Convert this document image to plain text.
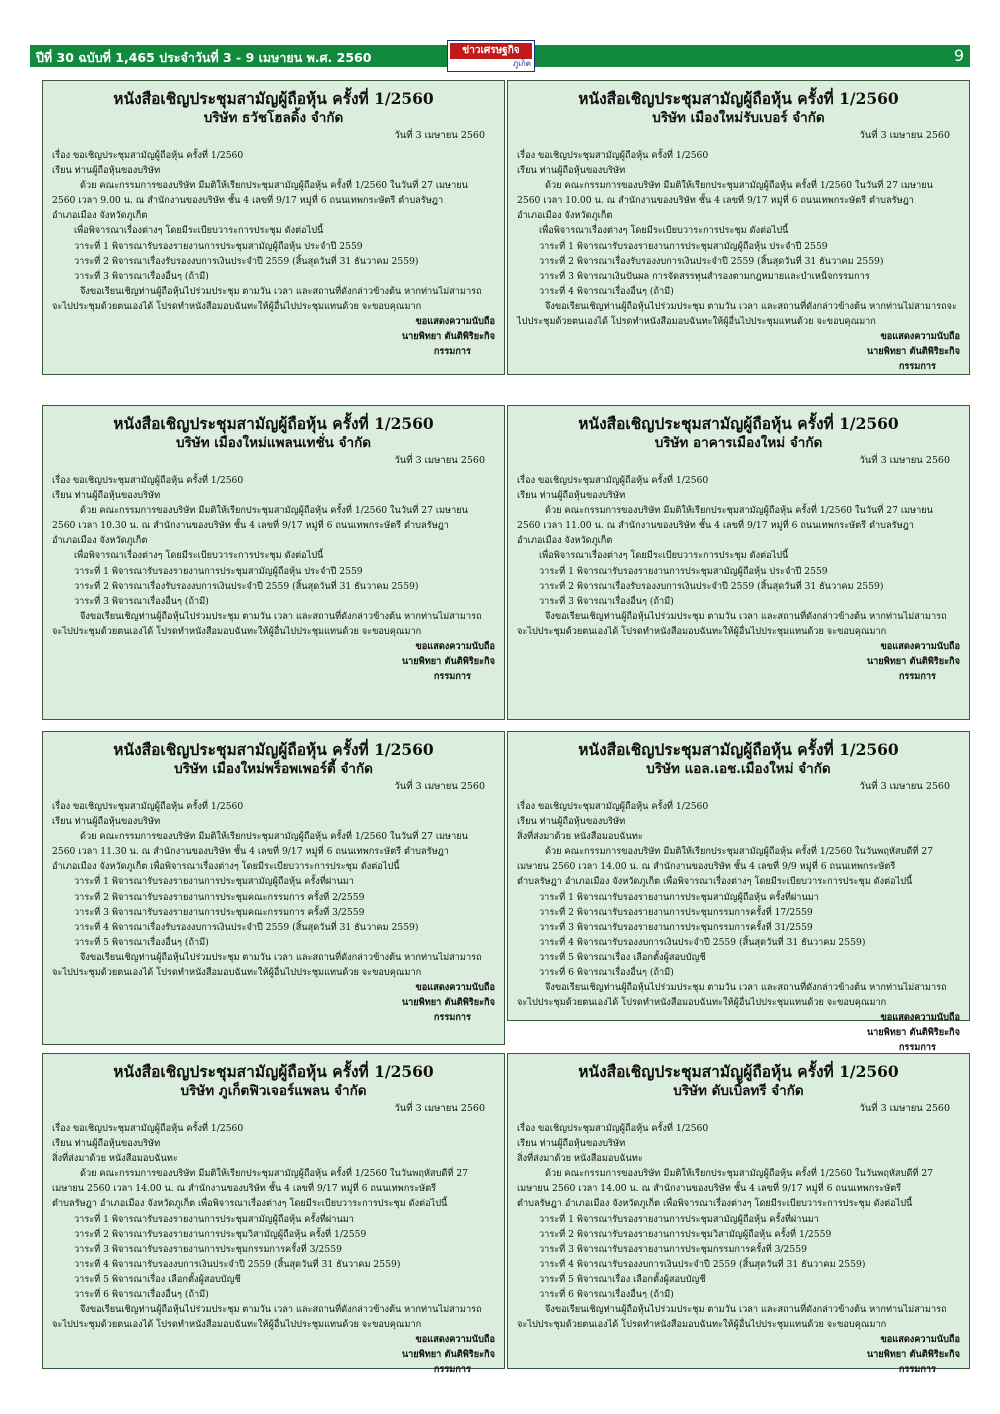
ปีที่ 30 ฉบับที่ 1,465 ประจำวันที่ 3 - 9 เมษายน พ.ศ. 2560	9
ข่าวเศรษฐกิจ
ภูเก็ต
หนังสือเชิญประชุมสามัญผู้ถือหุ้น ครั้งที่ 1/2560
บริษัท ธวัชโฮลดิ้ง จำกัด
วันที่ 3 เมษายน 2560
เรื่อง ขอเชิญประชุมสามัญผู้ถือหุ้น ครั้งที่ 1/2560
เรียน ท่านผู้ถือหุ้นของบริษัท
ด้วย คณะกรรมการของบริษัท มีมติให้เรียกประชุมสามัญผู้ถือหุ้น ครั้งที่ 1/2560 ในวันที่ 27 เมษายน
2560 เวลา 9.00 น. ณ สำนักงานของบริษัท ชั้น 4 เลขที่ 9/17 หมู่ที่ 6 ถนนเทพกระษัตรี ตำบลรัษฎา
อำเภอเมือง จังหวัดภูเก็ต
เพื่อพิจารณาเรื่องต่างๆ โดยมีระเบียบวาระการประชุม ดังต่อไปนี้
วาระที่ 1 พิจารณารับรองรายงานการประชุมสามัญผู้ถือหุ้น ประจำปี 2559
วาระที่ 2 พิจารณาเรื่องรับรองงบการเงินประจำปี 2559 (สิ้นสุดวันที่ 31 ธันวาคม 2559)
วาระที่ 3 พิจารณาเรื่องอื่นๆ (ถ้ามี)
จึงขอเรียนเชิญท่านผู้ถือหุ้นไปร่วมประชุม ตามวัน เวลา และสถานที่ดังกล่าวข้างต้น หากท่านไม่สามารถ
จะไปประชุมด้วยตนเองได้ โปรดทำหนังสือมอบฉันทะให้ผู้อื่นไปประชุมแทนด้วย จะขอบคุณมาก
ขอแสดงความนับถือ
นายพิทยา ตันติพิริยะกิจ
กรรมการ
หนังสือเชิญประชุมสามัญผู้ถือหุ้น ครั้งที่ 1/2560
บริษัท เมืองใหม่รับเบอร์ จำกัด
วันที่ 3 เมษายน 2560
เรื่อง ขอเชิญประชุมสามัญผู้ถือหุ้น ครั้งที่ 1/2560
เรียน ท่านผู้ถือหุ้นของบริษัท
ด้วย คณะกรรมการของบริษัท มีมติให้เรียกประชุมสามัญผู้ถือหุ้น ครั้งที่ 1/2560 ในวันที่ 27 เมษายน
2560 เวลา 10.00 น. ณ สำนักงานของบริษัท ชั้น 4 เลขที่ 9/17 หมู่ที่ 6 ถนนเทพกระษัตรี ตำบลรัษฎา
อำเภอเมือง จังหวัดภูเก็ต
เพื่อพิจารณาเรื่องต่างๆ โดยมีระเบียบวาระการประชุม ดังต่อไปนี้
วาระที่ 1 พิจารณารับรองรายงานการประชุมสามัญผู้ถือหุ้น ประจำปี 2559
วาระที่ 2 พิจารณาเรื่องรับรองงบการเงินประจำปี 2559 (สิ้นสุดวันที่ 31 ธันวาคม 2559)
วาระที่ 3 พิจารณาเงินปันผล การจัดสรรทุนสำรองตามกฎหมายและบำเหน็จกรรมการ
วาระที่ 4 พิจารณาเรื่องอื่นๆ (ถ้ามี)
จึงขอเรียนเชิญท่านผู้ถือหุ้นไปร่วมประชุม ตามวัน เวลา และสถานที่ดังกล่าวข้างต้น หากท่านไม่สามารถจะ
ไปประชุมด้วยตนเองได้ โปรดทำหนังสือมอบฉันทะให้ผู้อื่นไปประชุมแทนด้วย จะขอบคุณมาก
ขอแสดงความนับถือ
นายพิทยา ตันติพิริยะกิจ
กรรมการ
หนังสือเชิญประชุมสามัญผู้ถือหุ้น ครั้งที่ 1/2560
บริษัท เมืองใหม่แพลนเทชั่น จำกัด
วันที่ 3 เมษายน 2560
เรื่อง ขอเชิญประชุมสามัญผู้ถือหุ้น ครั้งที่ 1/2560
เรียน ท่านผู้ถือหุ้นของบริษัท
ด้วย คณะกรรมการของบริษัท มีมติให้เรียกประชุมสามัญผู้ถือหุ้น ครั้งที่ 1/2560 ในวันที่ 27 เมษายน
2560 เวลา 10.30 น. ณ สำนักงานของบริษัท ชั้น 4 เลขที่ 9/17 หมู่ที่ 6 ถนนเทพกระษัตรี ตำบลรัษฎา
อำเภอเมือง จังหวัดภูเก็ต
เพื่อพิจารณาเรื่องต่างๆ โดยมีระเบียบวาระการประชุม ดังต่อไปนี้
วาระที่ 1 พิจารณารับรองรายงานการประชุมสามัญผู้ถือหุ้น ประจำปี 2559
วาระที่ 2 พิจารณาเรื่องรับรองงบการเงินประจำปี 2559 (สิ้นสุดวันที่ 31 ธันวาคม 2559)
วาระที่ 3 พิจารณาเรื่องอื่นๆ (ถ้ามี)
จึงขอเรียนเชิญท่านผู้ถือหุ้นไปร่วมประชุม ตามวัน เวลา และสถานที่ดังกล่าวข้างต้น หากท่านไม่สามารถ
จะไปประชุมด้วยตนเองได้ โปรดทำหนังสือมอบฉันทะให้ผู้อื่นไปประชุมแทนด้วย จะขอบคุณมาก
ขอแสดงความนับถือ
นายพิทยา ตันติพิริยะกิจ
กรรมการ
หนังสือเชิญประชุมสามัญผู้ถือหุ้น ครั้งที่ 1/2560
บริษัท อาคารเมืองใหม่ จำกัด
วันที่ 3 เมษายน 2560
เรื่อง ขอเชิญประชุมสามัญผู้ถือหุ้น ครั้งที่ 1/2560
เรียน ท่านผู้ถือหุ้นของบริษัท
ด้วย คณะกรรมการของบริษัท มีมติให้เรียกประชุมสามัญผู้ถือหุ้น ครั้งที่ 1/2560 ในวันที่ 27 เมษายน
2560 เวลา 11.00 น. ณ สำนักงานของบริษัท ชั้น 4 เลขที่ 9/17 หมู่ที่ 6 ถนนเทพกระษัตรี ตำบลรัษฎา
อำเภอเมือง จังหวัดภูเก็ต
เพื่อพิจารณาเรื่องต่างๆ โดยมีระเบียบวาระการประชุม ดังต่อไปนี้
วาระที่ 1 พิจารณารับรองรายงานการประชุมสามัญผู้ถือหุ้น ประจำปี 2559
วาระที่ 2 พิจารณาเรื่องรับรองงบการเงินประจำปี 2559 (สิ้นสุดวันที่ 31 ธันวาคม 2559)
วาระที่ 3 พิจารณาเรื่องอื่นๆ (ถ้ามี)
จึงขอเรียนเชิญท่านผู้ถือหุ้นไปร่วมประชุม ตามวัน เวลา และสถานที่ดังกล่าวข้างต้น หากท่านไม่สามารถ
จะไปประชุมด้วยตนเองได้ โปรดทำหนังสือมอบฉันทะให้ผู้อื่นไปประชุมแทนด้วย จะขอบคุณมาก
ขอแสดงความนับถือ
นายพิทยา ตันติพิริยะกิจ
กรรมการ
หนังสือเชิญประชุมสามัญผู้ถือหุ้น ครั้งที่ 1/2560
บริษัท เมืองใหม่พร็อพเพอร์ตี้ จำกัด
วันที่ 3 เมษายน 2560
เรื่อง ขอเชิญประชุมสามัญผู้ถือหุ้น ครั้งที่ 1/2560
เรียน ท่านผู้ถือหุ้นของบริษัท
ด้วย คณะกรรมการของบริษัท มีมติให้เรียกประชุมสามัญผู้ถือหุ้น ครั้งที่ 1/2560 ในวันที่ 27 เมษายน
2560 เวลา 11.30 น. ณ สำนักงานของบริษัท ชั้น 4 เลขที่ 9/17 หมู่ที่ 6 ถนนเทพกระษัตรี ตำบลรัษฎา
อำเภอเมือง จังหวัดภูเก็ต เพื่อพิจารณาเรื่องต่างๆ โดยมีระเบียบวาระการประชุม ดังต่อไปนี้
วาระที่ 1 พิจารณารับรองรายงานการประชุมสามัญผู้ถือหุ้น ครั้งที่ผ่านมา
วาระที่ 2 พิจารณารับรองรายงานการประชุมคณะกรรมการ ครั้งที่ 2/2559
วาระที่ 3 พิจารณารับรองรายงานการประชุมคณะกรรมการ ครั้งที่ 3/2559
วาระที่ 4 พิจารณาเรื่องรับรองงบการเงินประจำปี 2559 (สิ้นสุดวันที่ 31 ธันวาคม 2559)
วาระที่ 5 พิจารณาเรื่องอื่นๆ (ถ้ามี)
จึงขอเรียนเชิญท่านผู้ถือหุ้นไปร่วมประชุม ตามวัน เวลา และสถานที่ดังกล่าวข้างต้น หากท่านไม่สามารถ
จะไปประชุมด้วยตนเองได้ โปรดทำหนังสือมอบฉันทะให้ผู้อื่นไปประชุมแทนด้วย จะขอบคุณมาก
ขอแสดงความนับถือ
นายพิทยา ตันติพิริยะกิจ
กรรมการ
หนังสือเชิญประชุมสามัญผู้ถือหุ้น ครั้งที่ 1/2560
บริษัท แอล.เอช.เมืองใหม่ จำกัด
วันที่ 3 เมษายน 2560
เรื่อง ขอเชิญประชุมสามัญผู้ถือหุ้น ครั้งที่ 1/2560
เรียน ท่านผู้ถือหุ้นของบริษัท
สิ่งที่ส่งมาด้วย หนังสือมอบฉันทะ
ด้วย คณะกรรมการของบริษัท มีมติให้เรียกประชุมสามัญผู้ถือหุ้น ครั้งที่ 1/2560 ในวันพฤหัสบดีที่ 27
เมษายน 2560 เวลา 14.00 น. ณ สำนักงานของบริษัท ชั้น 4 เลขที่ 9/9 หมู่ที่ 6 ถนนเทพกระษัตรี
ตำบลรัษฎา อำเภอเมือง จังหวัดภูเก็ต เพื่อพิจารณาเรื่องต่างๆ โดยมีระเบียบวาระการประชุม ดังต่อไปนี้
วาระที่ 1 พิจารณารับรองรายงานการประชุมสามัญผู้ถือหุ้น ครั้งที่ผ่านมา
วาระที่ 2 พิจารณารับรองรายงานการประชุมกรรมการครั้งที่ 17/2559
วาระที่ 3 พิจารณารับรองรายงานการประชุมกรรมการครั้งที่ 31/2559
วาระที่ 4 พิจารณารับรองงบการเงินประจำปี 2559 (สิ้นสุดวันที่ 31 ธันวาคม 2559)
วาระที่ 5 พิจารณาเรื่อง เลือกตั้งผู้สอบบัญชี
วาระที่ 6 พิจารณาเรื่องอื่นๆ (ถ้ามี)
จึงขอเรียนเชิญท่านผู้ถือหุ้นไปร่วมประชุม ตามวัน เวลา และสถานที่ดังกล่าวข้างต้น หากท่านไม่สามารถ
จะไปประชุมด้วยตนเองได้ โปรดทำหนังสือมอบฉันทะให้ผู้อื่นไปประชุมแทนด้วย จะขอบคุณมาก
ขอแสดงความนับถือ
นายพิทยา ตันติพิริยะกิจ
กรรมการ
หนังสือเชิญประชุมสามัญผู้ถือหุ้น ครั้งที่ 1/2560
บริษัท ภูเก็ตฟิวเจอร์แพลน จำกัด
วันที่ 3 เมษายน 2560
เรื่อง ขอเชิญประชุมสามัญผู้ถือหุ้น ครั้งที่ 1/2560
เรียน ท่านผู้ถือหุ้นของบริษัท
สิ่งที่ส่งมาด้วย หนังสือมอบฉันทะ
ด้วย คณะกรรมการของบริษัท มีมติให้เรียกประชุมสามัญผู้ถือหุ้น ครั้งที่ 1/2560 ในวันพฤหัสบดีที่ 27
เมษายน 2560 เวลา 14.00 น. ณ สำนักงานของบริษัท ชั้น 4 เลขที่ 9/17 หมู่ที่ 6 ถนนเทพกระษัตรี
ตำบลรัษฎา อำเภอเมือง จังหวัดภูเก็ต เพื่อพิจารณาเรื่องต่างๆ โดยมีระเบียบวาระการประชุม ดังต่อไปนี้
วาระที่ 1 พิจารณารับรองรายงานการประชุมสามัญผู้ถือหุ้น ครั้งที่ผ่านมา
วาระที่ 2 พิจารณารับรองรายงานการประชุมวิสามัญผู้ถือหุ้น ครั้งที่ 1/2559
วาระที่ 3 พิจารณารับรองรายงานการประชุมกรรมการครั้งที่ 3/2559
วาระที่ 4 พิจารณารับรองงบการเงินประจำปี 2559 (สิ้นสุดวันที่ 31 ธันวาคม 2559)
วาระที่ 5 พิจารณาเรื่อง เลือกตั้งผู้สอบบัญชี
วาระที่ 6 พิจารณาเรื่องอื่นๆ (ถ้ามี)
จึงขอเรียนเชิญท่านผู้ถือหุ้นไปร่วมประชุม ตามวัน เวลา และสถานที่ดังกล่าวข้างต้น หากท่านไม่สามารถ
จะไปประชุมด้วยตนเองได้ โปรดทำหนังสือมอบฉันทะให้ผู้อื่นไปประชุมแทนด้วย จะขอบคุณมาก
ขอแสดงความนับถือ
นายพิทยา ตันติพิริยะกิจ
กรรมการ
หนังสือเชิญประชุมสามัญผู้ถือหุ้น ครั้งที่ 1/2560
บริษัท ดับเบิ้ลทรี จำกัด
วันที่ 3 เมษายน 2560
เรื่อง ขอเชิญประชุมสามัญผู้ถือหุ้น ครั้งที่ 1/2560
เรียน ท่านผู้ถือหุ้นของบริษัท
สิ่งที่ส่งมาด้วย หนังสือมอบฉันทะ
ด้วย คณะกรรมการของบริษัท มีมติให้เรียกประชุมสามัญผู้ถือหุ้น ครั้งที่ 1/2560 ในวันพฤหัสบดีที่ 27
เมษายน 2560 เวลา 14.00 น. ณ สำนักงานของบริษัท ชั้น 4 เลขที่ 9/17 หมู่ที่ 6 ถนนเทพกระษัตรี
ตำบลรัษฎา อำเภอเมือง จังหวัดภูเก็ต เพื่อพิจารณาเรื่องต่างๆ โดยมีระเบียบวาระการประชุม ดังต่อไปนี้
วาระที่ 1 พิจารณารับรองรายงานการประชุมสามัญผู้ถือหุ้น ครั้งที่ผ่านมา
วาระที่ 2 พิจารณารับรองรายงานการประชุมวิสามัญผู้ถือหุ้น ครั้งที่ 1/2559
วาระที่ 3 พิจารณารับรองรายงานการประชุมกรรมการครั้งที่ 3/2559
วาระที่ 4 พิจารณารับรองงบการเงินประจำปี 2559 (สิ้นสุดวันที่ 31 ธันวาคม 2559)
วาระที่ 5 พิจารณาเรื่อง เลือกตั้งผู้สอบบัญชี
วาระที่ 6 พิจารณาเรื่องอื่นๆ (ถ้ามี)
จึงขอเรียนเชิญท่านผู้ถือหุ้นไปร่วมประชุม ตามวัน เวลา และสถานที่ดังกล่าวข้างต้น หากท่านไม่สามารถ
จะไปประชุมด้วยตนเองได้ โปรดทำหนังสือมอบฉันทะให้ผู้อื่นไปประชุมแทนด้วย จะขอบคุณมาก
ขอแสดงความนับถือ
นายพิทยา ตันติพิริยะกิจ
กรรมการ
